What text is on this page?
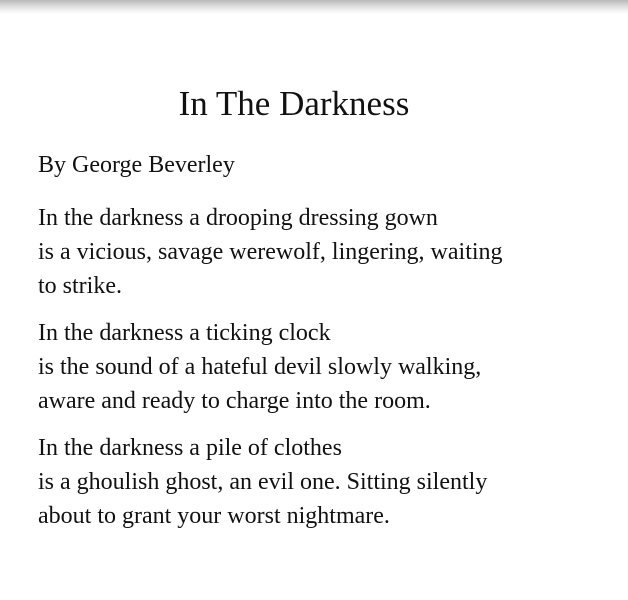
In The Darkness

By George Beverley

In the darkness a drooping dressing gown
is a vicious, savage werewolf, lingering, waiting
to strike.

In the darkness a ticking clock
is the sound of a hateful devil slowly walking,
aware and ready to charge into the room.

In the darkness a pile of clothes
is a ghoulish ghost, an evil one. Sitting silently
about to grant your worst nightmare.
